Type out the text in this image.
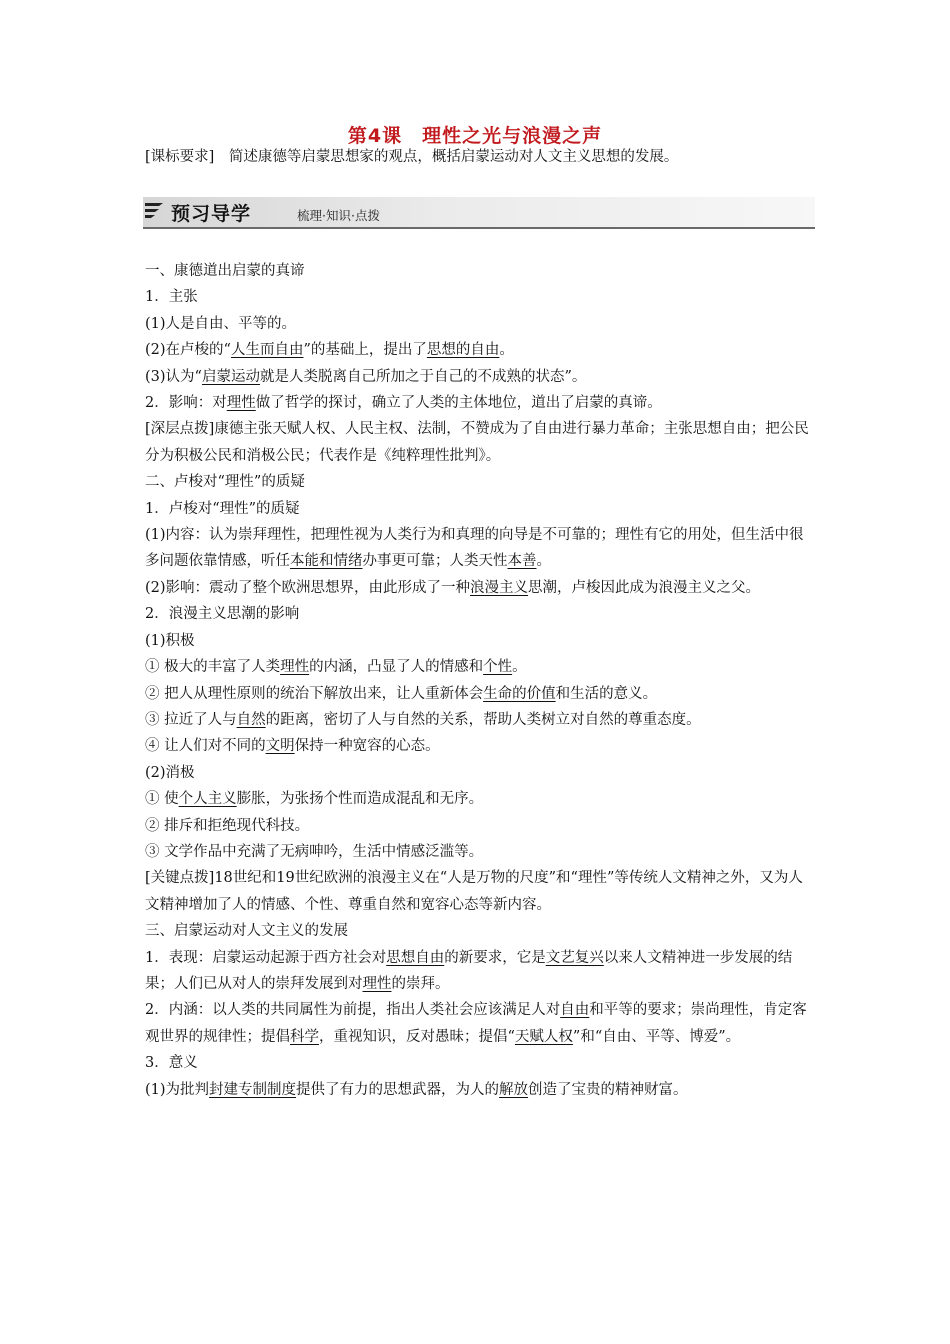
第4课　理性之光与浪漫之声
[课标要求]　简述康德等启蒙思想家的观点，概括启蒙运动对人文主义思想的发展。
预习导学	梳理·知识·点拨

一、康德道出启蒙的真谛

1．主张

(1)人是自由、平等的。

(2)在卢梭的“人生而自由”的基础上，提出了思想的自由。

(3)认为“启蒙运动就是人类脱离自己所加之于自己的不成熟的状态”。

2．影响：对理性做了哲学的探讨，确立了人类的主体地位，道出了启蒙的真谛。

[深层点拨]康德主张天赋人权、人民主权、法制，不赞成为了自由进行暴力革命；主张思想自由；把公民分为积极公民和消极公民；代表作是《纯粹理性批判》。

二、卢梭对“理性”的质疑

1．卢梭对“理性”的质疑

(1)内容：认为崇拜理性，把理性视为人类行为和真理的向导是不可靠的；理性有它的用处，但生活中很多问题依靠情感，听任本能和情绪办事更可靠；人类天性本善。

(2)影响：震动了整个欧洲思想界，由此形成了一种浪漫主义思潮，卢梭因此成为浪漫主义之父。

2．浪漫主义思潮的影响

(1)积极

① 极大的丰富了人类理性的内涵，凸显了人的情感和个性。

② 把人从理性原则的统治下解放出来，让人重新体会生命的价值和生活的意义。

③ 拉近了人与自然的距离，密切了人与自然的关系，帮助人类树立对自然的尊重态度。

④ 让人们对不同的文明保持一种宽容的心态。

(2)消极

① 使个人主义膨胀，为张扬个性而造成混乱和无序。

② 排斥和拒绝现代科技。

③ 文学作品中充满了无病呻吟，生活中情感泛滥等。

[关键点拨]18世纪和19世纪欧洲的浪漫主义在“人是万物的尺度”和“理性”等传统人文精神之外，又为人文精神增加了人的情感、个性、尊重自然和宽容心态等新内容。

三、启蒙运动对人文主义的发展

1．表现：启蒙运动起源于西方社会对思想自由的新要求，它是文艺复兴以来人文精神进一步发展的结果；人们已从对人的崇拜发展到对理性的崇拜。

2．内涵：以人类的共同属性为前提，指出人类社会应该满足人对自由和平等的要求；崇尚理性，肯定客观世界的规律性；提倡科学，重视知识，反对愚昧；提倡“天赋人权”和“自由、平等、博爱”。

3．意义

(1)为批判封建专制制度提供了有力的思想武器，为人的解放创造了宝贵的精神财富。
